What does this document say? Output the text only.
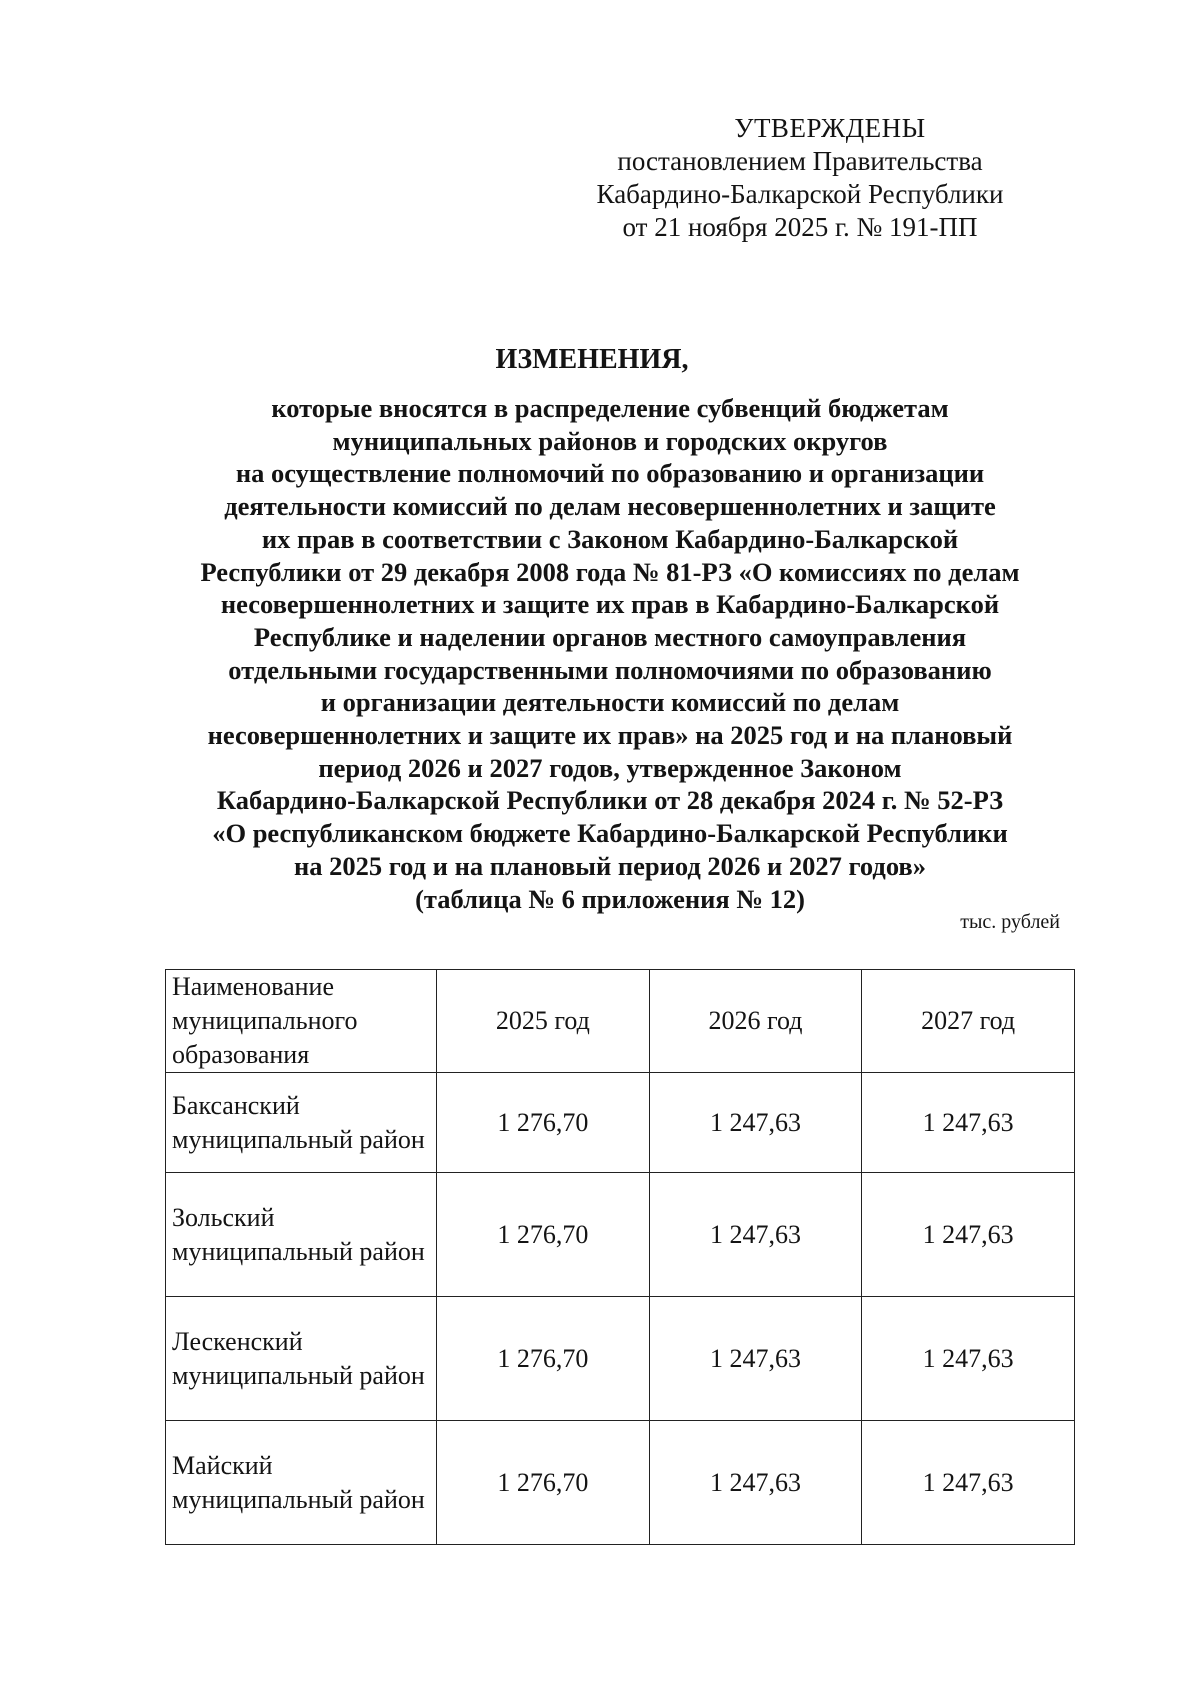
УТВЕРЖДЕНЫ
постановлением Правительства
Кабардино-Балкарской Республики
от 21 ноября 2025 г. № 191-ПП
ИЗМЕНЕНИЯ,
которые вносятся в распределение субвенций бюджетам
муниципальных районов и городских округов
на осуществление полномочий по образованию и организации
деятельности комиссий по делам несовершеннолетних и защите
их прав в соответствии с Законом Кабардино-Балкарской
Республики от 29 декабря 2008 года № 81-РЗ «О комиссиях по делам
несовершеннолетних и защите их прав в Кабардино-Балкарской
Республике и наделении органов местного самоуправления
отдельными государственными полномочиями по образованию
и организации деятельности комиссий по делам
несовершеннолетних и защите их прав» на 2025 год и на плановый
период 2026 и 2027 годов, утвержденное Законом
Кабардино-Балкарской Республики от 28 декабря 2024 г. № 52-РЗ
«О республиканском бюджете Кабардино-Балкарской Республики
на 2025 год и на плановый период 2026 и 2027 годов»
(таблица № 6 приложения № 12)
тыс. рублей
Наименование муниципального образования	2025 год	2026 год	2027 год
Баксанский муниципальный район	1 276,70	1 247,63	1 247,63
Зольский муниципальный район	1 276,70	1 247,63	1 247,63
Лескенский муниципальный район	1 276,70	1 247,63	1 247,63
Майский муниципальный район	1 276,70	1 247,63	1 247,63
